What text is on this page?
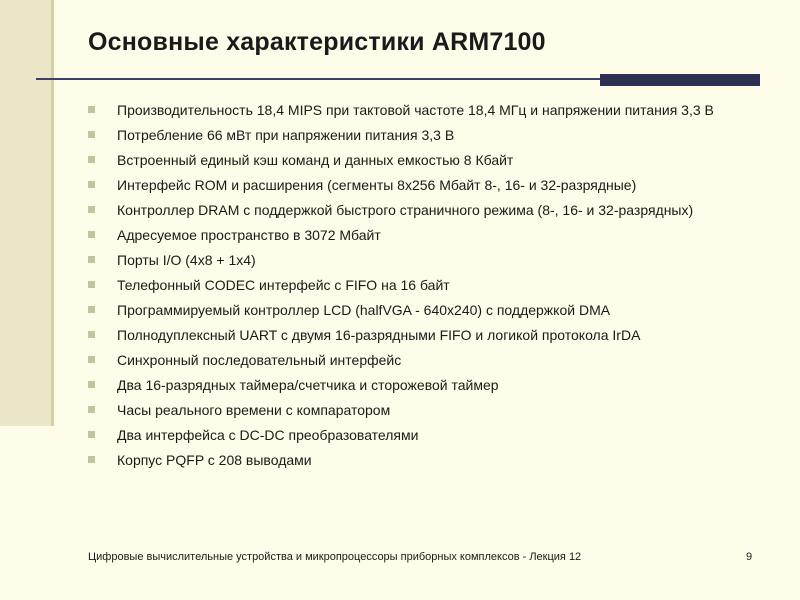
Основные характеристики ARM7100
Производительность 18,4 MIPS при тактовой частоте 18,4 МГц и напряжении питания 3,3 В
Потребление 66 мВт при напряжении питания 3,3 В
Встроенный единый кэш команд и данных емкостью 8 Кбайт
Интерфейс ROM и расширения (сегменты 8x256 Мбайт 8-, 16- и 32-разрядные)
Контроллер DRAM с поддержкой быстрого страничного режима (8-, 16- и 32-разрядных)
Адресуемое пространство в 3072 Мбайт
Порты I/O (4x8 + 1x4)
Телефонный CODEC интерфейс с FIFO на 16 байт
Программируемый контроллер LCD (halfVGA - 640x240) с поддержкой DMA
Полнодуплексный UART с двумя 16-разрядными FIFO и логикой протокола IrDA
Синхронный последовательный интерфейс
Два 16-разрядных таймера/счетчика и сторожевой таймер
Часы реального времени с компаратором
Два интерфейса с DC-DC преобразователями
Корпус PQFP с 208 выводами
Цифровые вычислительные устройства и микропроцессоры приборных комплексов - Лекция 12	9
